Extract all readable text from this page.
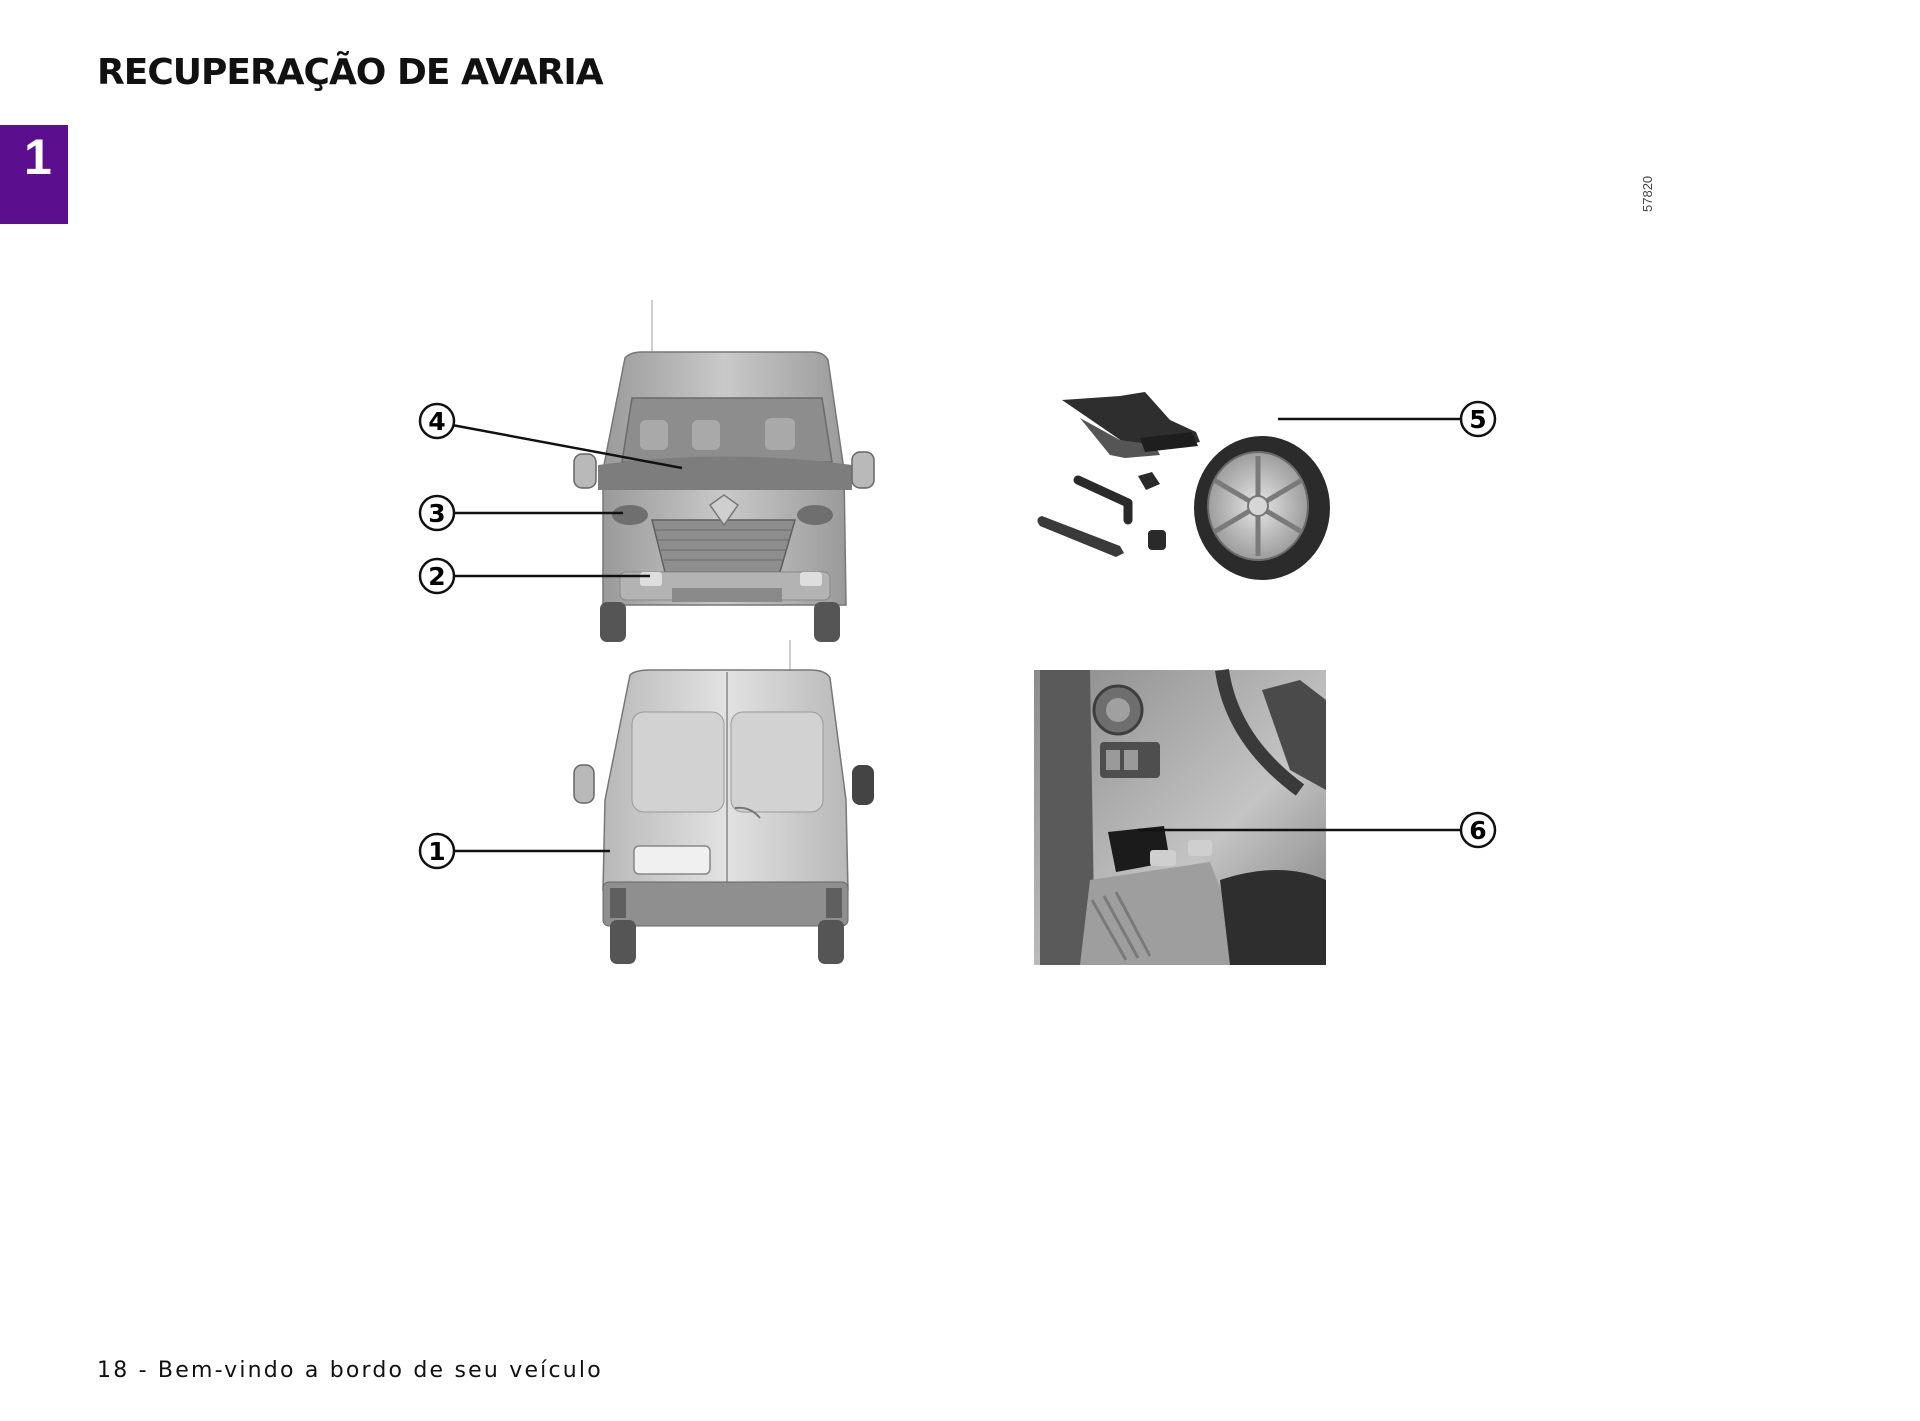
RECUPERAÇÃO DE AVARIA
1
57820
4
3
2
1
5
6
18 - Bem-vindo a bordo de seu veículo
